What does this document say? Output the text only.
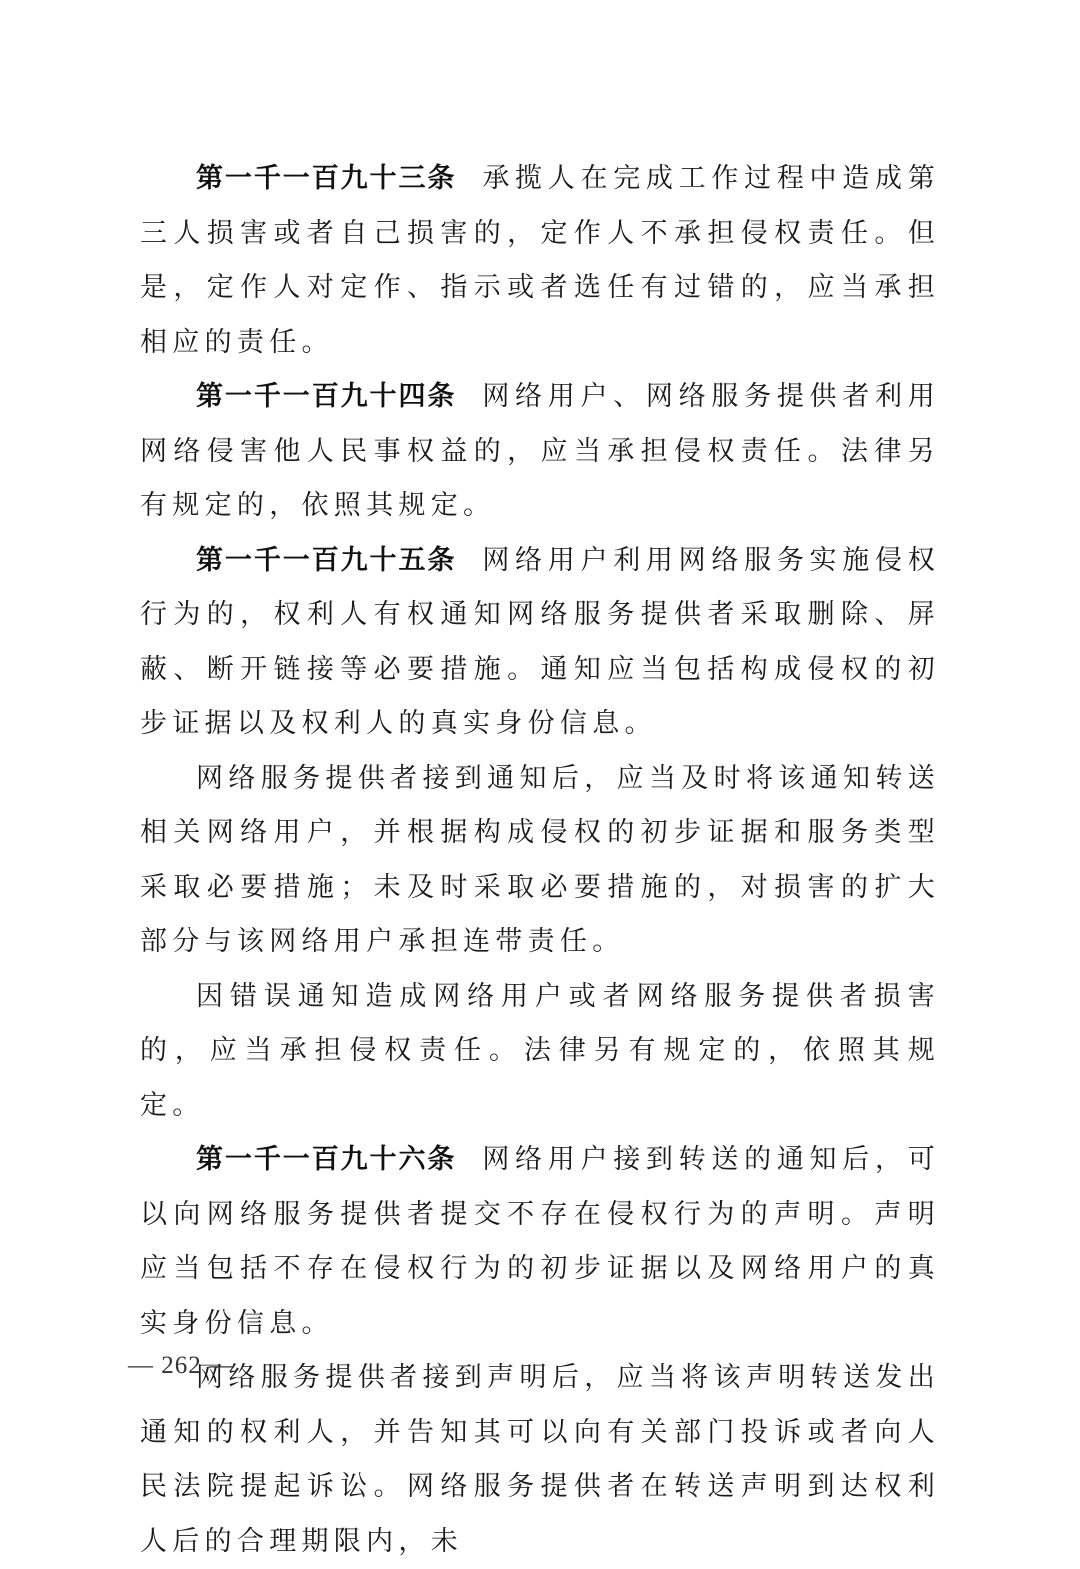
第一千一百九十三条 承揽人在完成工作过程中造成第三人损害或者自己损害的，定作人不承担侵权责任。但是，定作人对定作、指示或者选任有过错的，应当承担相应的责任。

第一千一百九十四条 网络用户、网络服务提供者利用网络侵害他人民事权益的，应当承担侵权责任。法律另有规定的，依照其规定。

第一千一百九十五条 网络用户利用网络服务实施侵权行为的，权利人有权通知网络服务提供者采取删除、屏蔽、断开链接等必要措施。通知应当包括构成侵权的初步证据以及权利人的真实身份信息。

网络服务提供者接到通知后，应当及时将该通知转送相关网络用户，并根据构成侵权的初步证据和服务类型采取必要措施；未及时采取必要措施的，对损害的扩大部分与该网络用户承担连带责任。

因错误通知造成网络用户或者网络服务提供者损害的，应当承担侵权责任。法律另有规定的，依照其规定。

第一千一百九十六条 网络用户接到转送的通知后，可以向网络服务提供者提交不存在侵权行为的声明。声明应当包括不存在侵权行为的初步证据以及网络用户的真实身份信息。

网络服务提供者接到声明后，应当将该声明转送发出通知的权利人，并告知其可以向有关部门投诉或者向人民法院提起诉讼。网络服务提供者在转送声明到达权利人后的合理期限内，未

— 262 —
